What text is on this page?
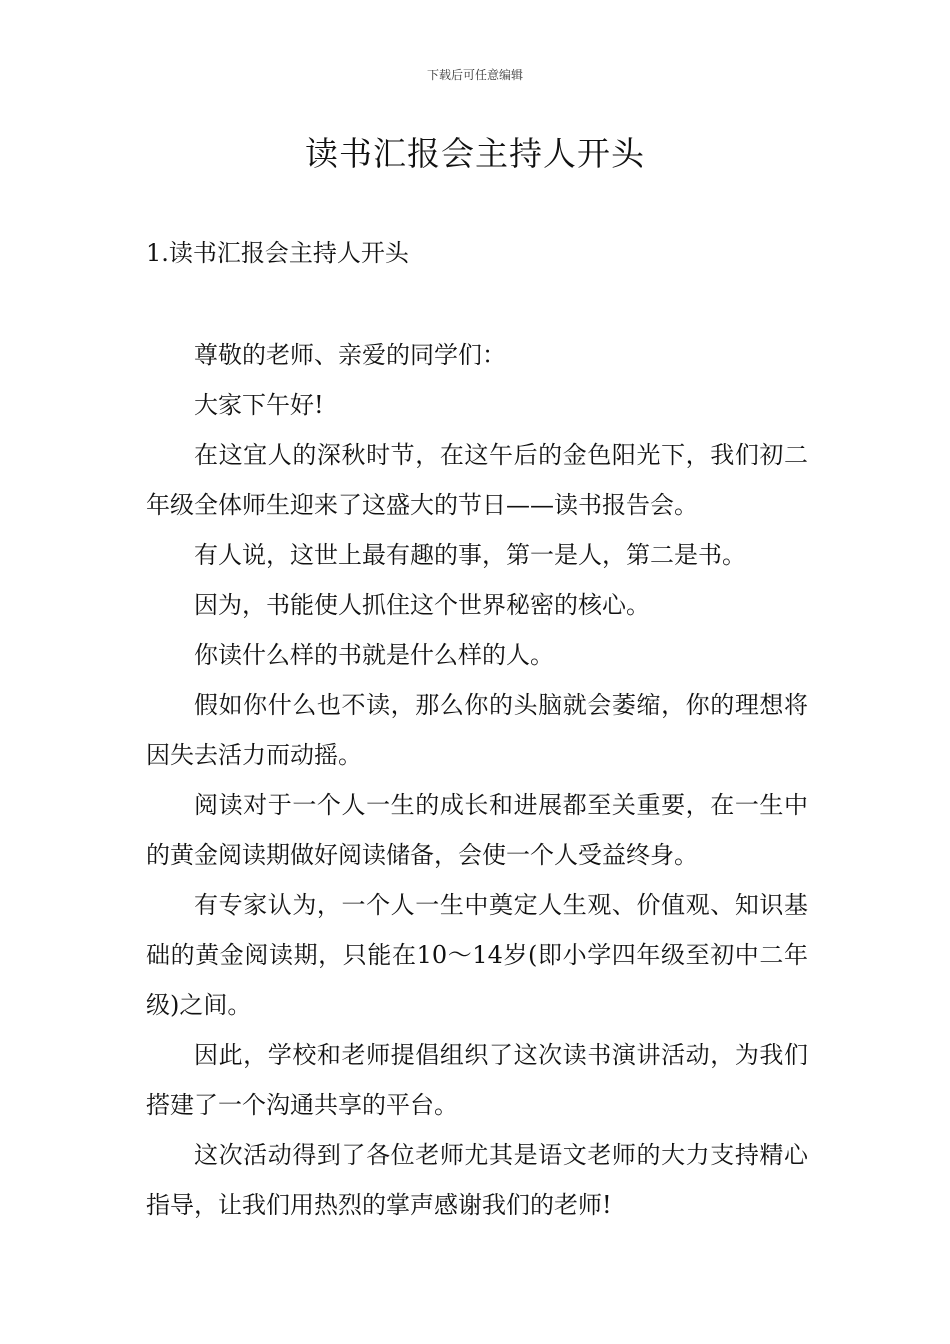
下载后可任意编辑
读书汇报会主持人开头
1.读书汇报会主持人开头

尊敬的老师、亲爱的同学们：

大家下午好!

在这宜人的深秋时节，在这午后的金色阳光下，我们初二年级全体师生迎来了这盛大的节日——读书报告会。

有人说，这世上最有趣的事，第一是人，第二是书。

因为，书能使人抓住这个世界秘密的核心。

你读什么样的书就是什么样的人。

假如你什么也不读，那么你的头脑就会萎缩，你的理想将因失去活力而动摇。

阅读对于一个人一生的成长和进展都至关重要，在一生中的黄金阅读期做好阅读储备，会使一个人受益终身。

有专家认为，一个人一生中奠定人生观、价值观、知识基础的黄金阅读期，只能在10～14岁(即小学四年级至初中二年级)之间。

因此，学校和老师提倡组织了这次读书演讲活动，为我们搭建了一个沟通共享的平台。

这次活动得到了各位老师尤其是语文老师的大力支持精心指导，让我们用热烈的掌声感谢我们的老师!
